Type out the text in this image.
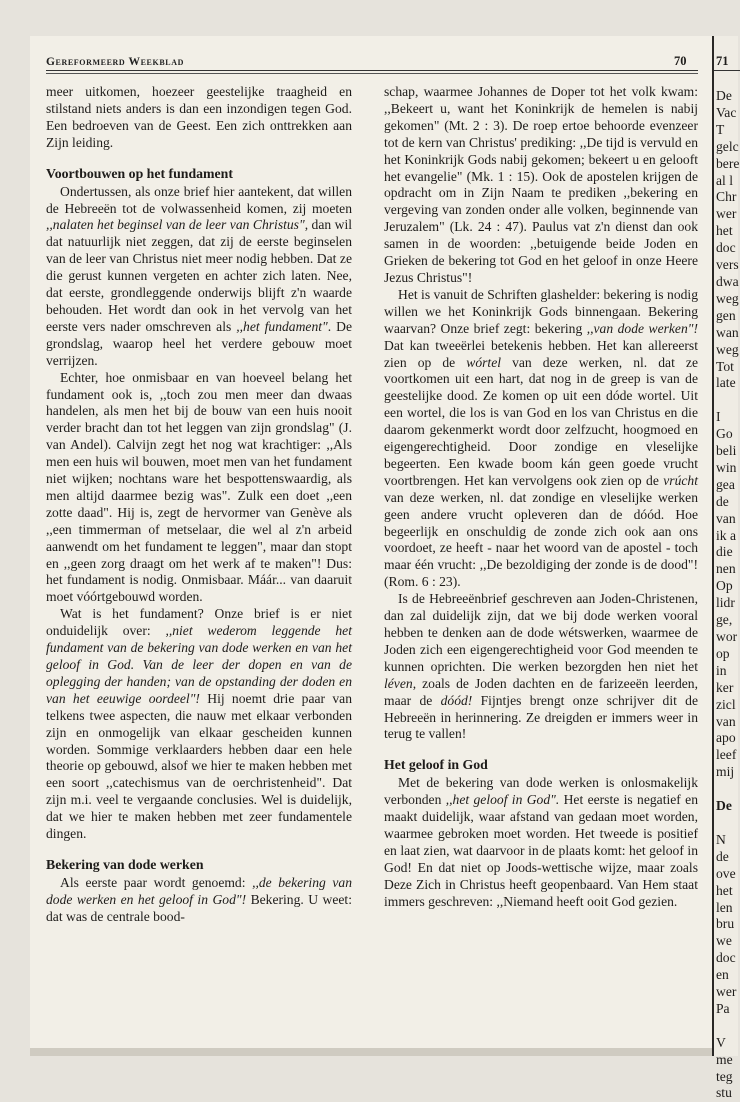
Gereformeerd Weekblad	70

meer uitkomen, hoezeer geestelijke traagheid en stilstand niets anders is dan een inzondigen tegen God. Een bedroeven van de Geest. Een zich onttrekken aan Zijn leiding.

Voortbouwen op het fundament

Ondertussen, als onze brief hier aantekent, dat willen de Hebreeën tot de volwassenheid komen, zij moeten ,,nalaten het beginsel van de leer van Christus", dan wil dat natuurlijk niet zeggen, dat zij de eerste beginselen van de leer van Christus niet meer nodig hebben. Dat ze die gerust kunnen vergeten en achter zich laten. Nee, dat eerste, grondleggende onderwijs blijft z'n waarde behouden. Het wordt dan ook in het vervolg van het eerste vers nader omschreven als ,,het fundament". De grondslag, waarop heel het verdere gebouw moet verrijzen.

Echter, hoe onmisbaar en van hoeveel belang het fundament ook is, ,,toch zou men meer dan dwaas handelen, als men het bij de bouw van een huis nooit verder bracht dan tot het leggen van zijn grondslag" (J. van Andel). Calvijn zegt het nog wat krachtiger: ,,Als men een huis wil bouwen, moet men van het fundament niet wijken; nochtans ware het bespottenswaardig, als men altijd daarmee bezig was". Zulk een doet ,,een zotte daad". Hij is, zegt de hervormer van Genève als ,,een timmerman of metselaar, die wel al z'n arbeid aanwendt om het fundament te leggen", maar dan stopt en ,,geen zorg draagt om het werk af te maken"! Dus: het fundament is nodig. Onmisbaar. Máár... van daaruit moet vóórtgebouwd worden.

Wat is het fundament? Onze brief is er niet onduidelijk over: ,,niet wederom leggende het fundament van de bekering van dode werken en van het geloof in God. Van de leer der dopen en van de oplegging der handen; van de opstanding der doden en van het eeuwige oordeel"! Hij noemt drie paar van telkens twee aspecten, die nauw met elkaar verbonden zijn en onmogelijk van elkaar gescheiden kunnen worden. Sommige verklaarders hebben daar een hele theorie op gebouwd, alsof we hier te maken hebben met een soort ,,catechismus van de oerchristenheid". Dat zijn m.i. veel te vergaande conclusies. Wel is duidelijk, dat we hier te maken hebben met zeer fundamentele dingen.

Bekering van dode werken

Als eerste paar wordt genoemd: ,,de bekering van dode werken en het geloof in God"! Bekering. U weet: dat was de centrale bood-

schap, waarmee Johannes de Doper tot het volk kwam: ,,Bekeert u, want het Koninkrijk de hemelen is nabij gekomen" (Mt. 2 : 3). De roep ertoe behoorde evenzeer tot de kern van Christus' prediking: ,,De tijd is vervuld en het Koninkrijk Gods nabij gekomen; bekeert u en gelooft het evangelie" (Mk. 1 : 15). Ook de apostelen krijgen de opdracht om in Zijn Naam te prediken ,,bekering en vergeving van zonden onder alle volken, beginnende van Jeruzalem" (Lk. 24 : 47). Paulus vat z'n dienst dan ook samen in de woorden: ,,betuigende beide Joden en Grieken de bekering tot God en het geloof in onze Heere Jezus Christus"!

Het is vanuit de Schriften glashelder: bekering is nodig willen we het Koninkrijk Gods binnengaan. Bekering waarvan? Onze brief zegt: bekering ,,van dode werken"! Dat kan tweeërlei betekenis hebben. Het kan allereerst zien op de wórtel van deze werken, nl. dat ze voortkomen uit een hart, dat nog in de greep is van de geestelijke dood. Ze komen op uit een dóde wortel. Uit een wortel, die los is van God en los van Christus en die daarom gekenmerkt wordt door zelfzucht, hoogmoed en eigengerechtigheid. Door zondige en vleselijke begeerten. Een kwade boom kán geen goede vrucht voortbrengen. Het kan vervolgens ook zien op de vrúcht van deze werken, nl. dat zondige en vleselijke werken geen andere vrucht opleveren dan de dóód. Hoe begeerlijk en onschuldig de zonde zich ook aan ons voordoet, ze heeft - naar het woord van de apostel - toch maar één vrucht: ,,De bezoldiging der zonde is de dood"! (Rom. 6 : 23).

Is de Hebreeënbrief geschreven aan Joden-Christenen, dan zal duidelijk zijn, dat we bij dode werken vooral hebben te denken aan de dode wétswerken, waarmee de Joden zich een eigengerechtigheid voor God meenden te kunnen oprichten. Die werken bezorgden hen niet het léven, zoals de Joden dachten en de farizeeën leerden, maar de dóód! Fijntjes brengt onze schrijver dit de Hebreeën in herinnering. Ze dreigden er immers weer in terug te vallen!

Het geloof in God

Met de bekering van dode werken is onlosmakelijk verbonden ,,het geloof in God". Het eerste is negatief en maakt duidelijk, waar afstand van gedaan moet worden, waarmee gebroken moet worden. Het tweede is positief en laat zien, wat daarvoor in de plaats komt: het geloof in God! En dat niet op Joods-wettische wijze, maar zoals Deze Zich in Christus heeft geopenbaard. Van Hem staat immers geschreven: ,,Niemand heeft ooit God gezien.

71
De
Vac
T
gelc
bere
al l
Chr
wer
het
doc
vers
dwa
weg
gen
wan
weg
Tot
late

I
Go
beli
win
gea
de
van
ik a
die
nen
Op
lidr
ge,
wor
op
in
ker
zicl
van
apo
leef
mij

De

N
de
ove
het
len
bru
we
doc
en
wer
Pa

V
me
teg
stu
